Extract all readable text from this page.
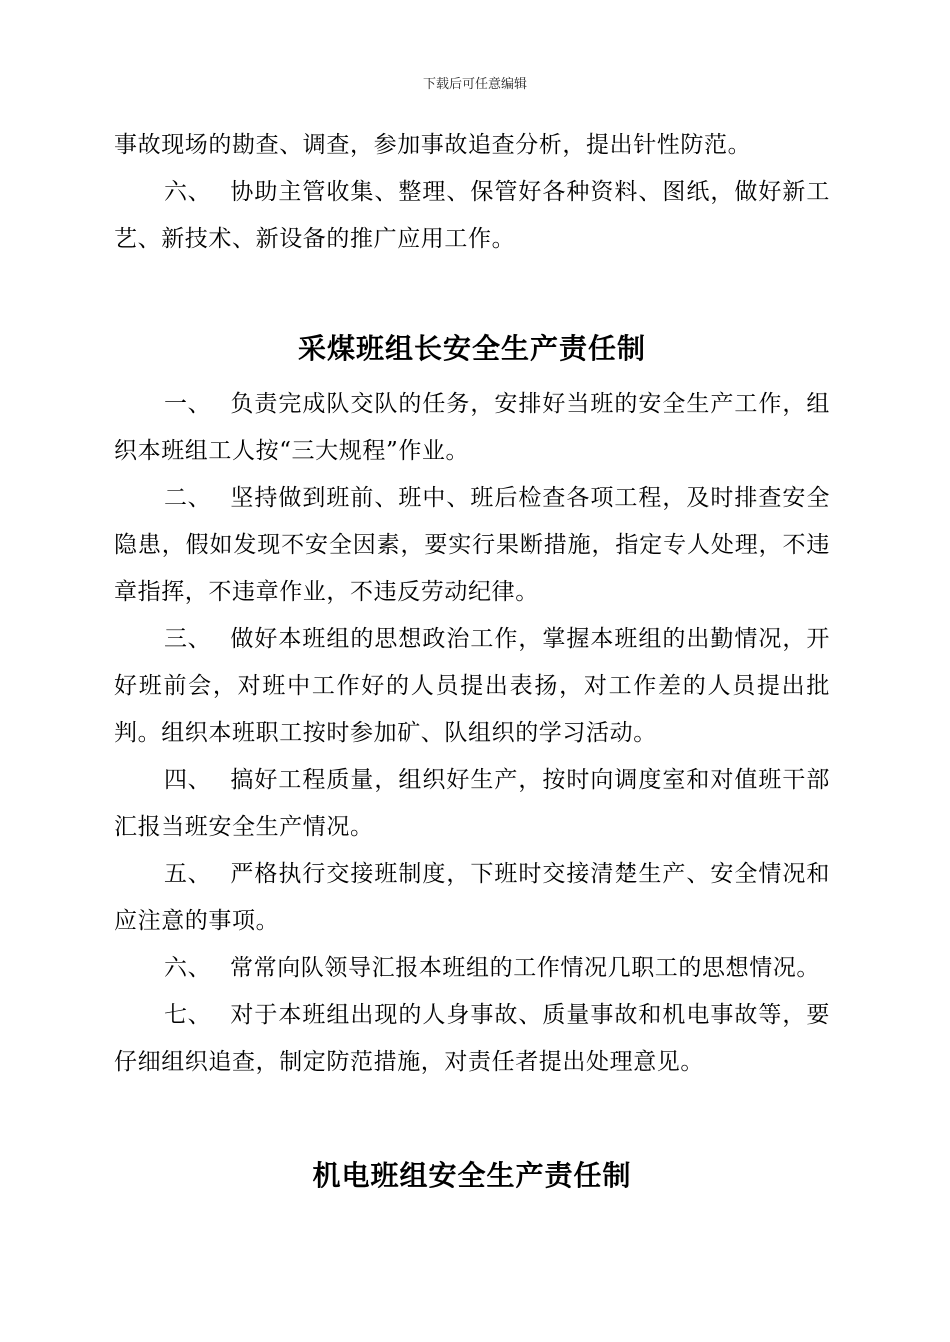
下载后可任意编辑

事故现场的勘查、调查，参加事故追查分析，提出针性防范。

六、 协助主管收集、整理、保管好各种资料、图纸，做好新工艺、新技术、新设备的推广应用工作。

采煤班组长安全生产责任制

一、 负责完成队交队的任务，安排好当班的安全生产工作，组织本班组工人按“三大规程”作业。

二、 坚持做到班前、班中、班后检查各项工程，及时排查安全隐患，假如发现不安全因素，要实行果断措施，指定专人处理，不违章指挥，不违章作业，不违反劳动纪律。

三、 做好本班组的思想政治工作，掌握本班组的出勤情况，开好班前会，对班中工作好的人员提出表扬，对工作差的人员提出批判。组织本班职工按时参加矿、队组织的学习活动。

四、 搞好工程质量，组织好生产，按时向调度室和对值班干部汇报当班安全生产情况。

五、 严格执行交接班制度，下班时交接清楚生产、安全情况和应注意的事项。

六、 常常向队领导汇报本班组的工作情况几职工的思想情况。

七、 对于本班组出现的人身事故、质量事故和机电事故等，要仔细组织追查，制定防范措施，对责任者提出处理意见。

机电班组安全生产责任制
